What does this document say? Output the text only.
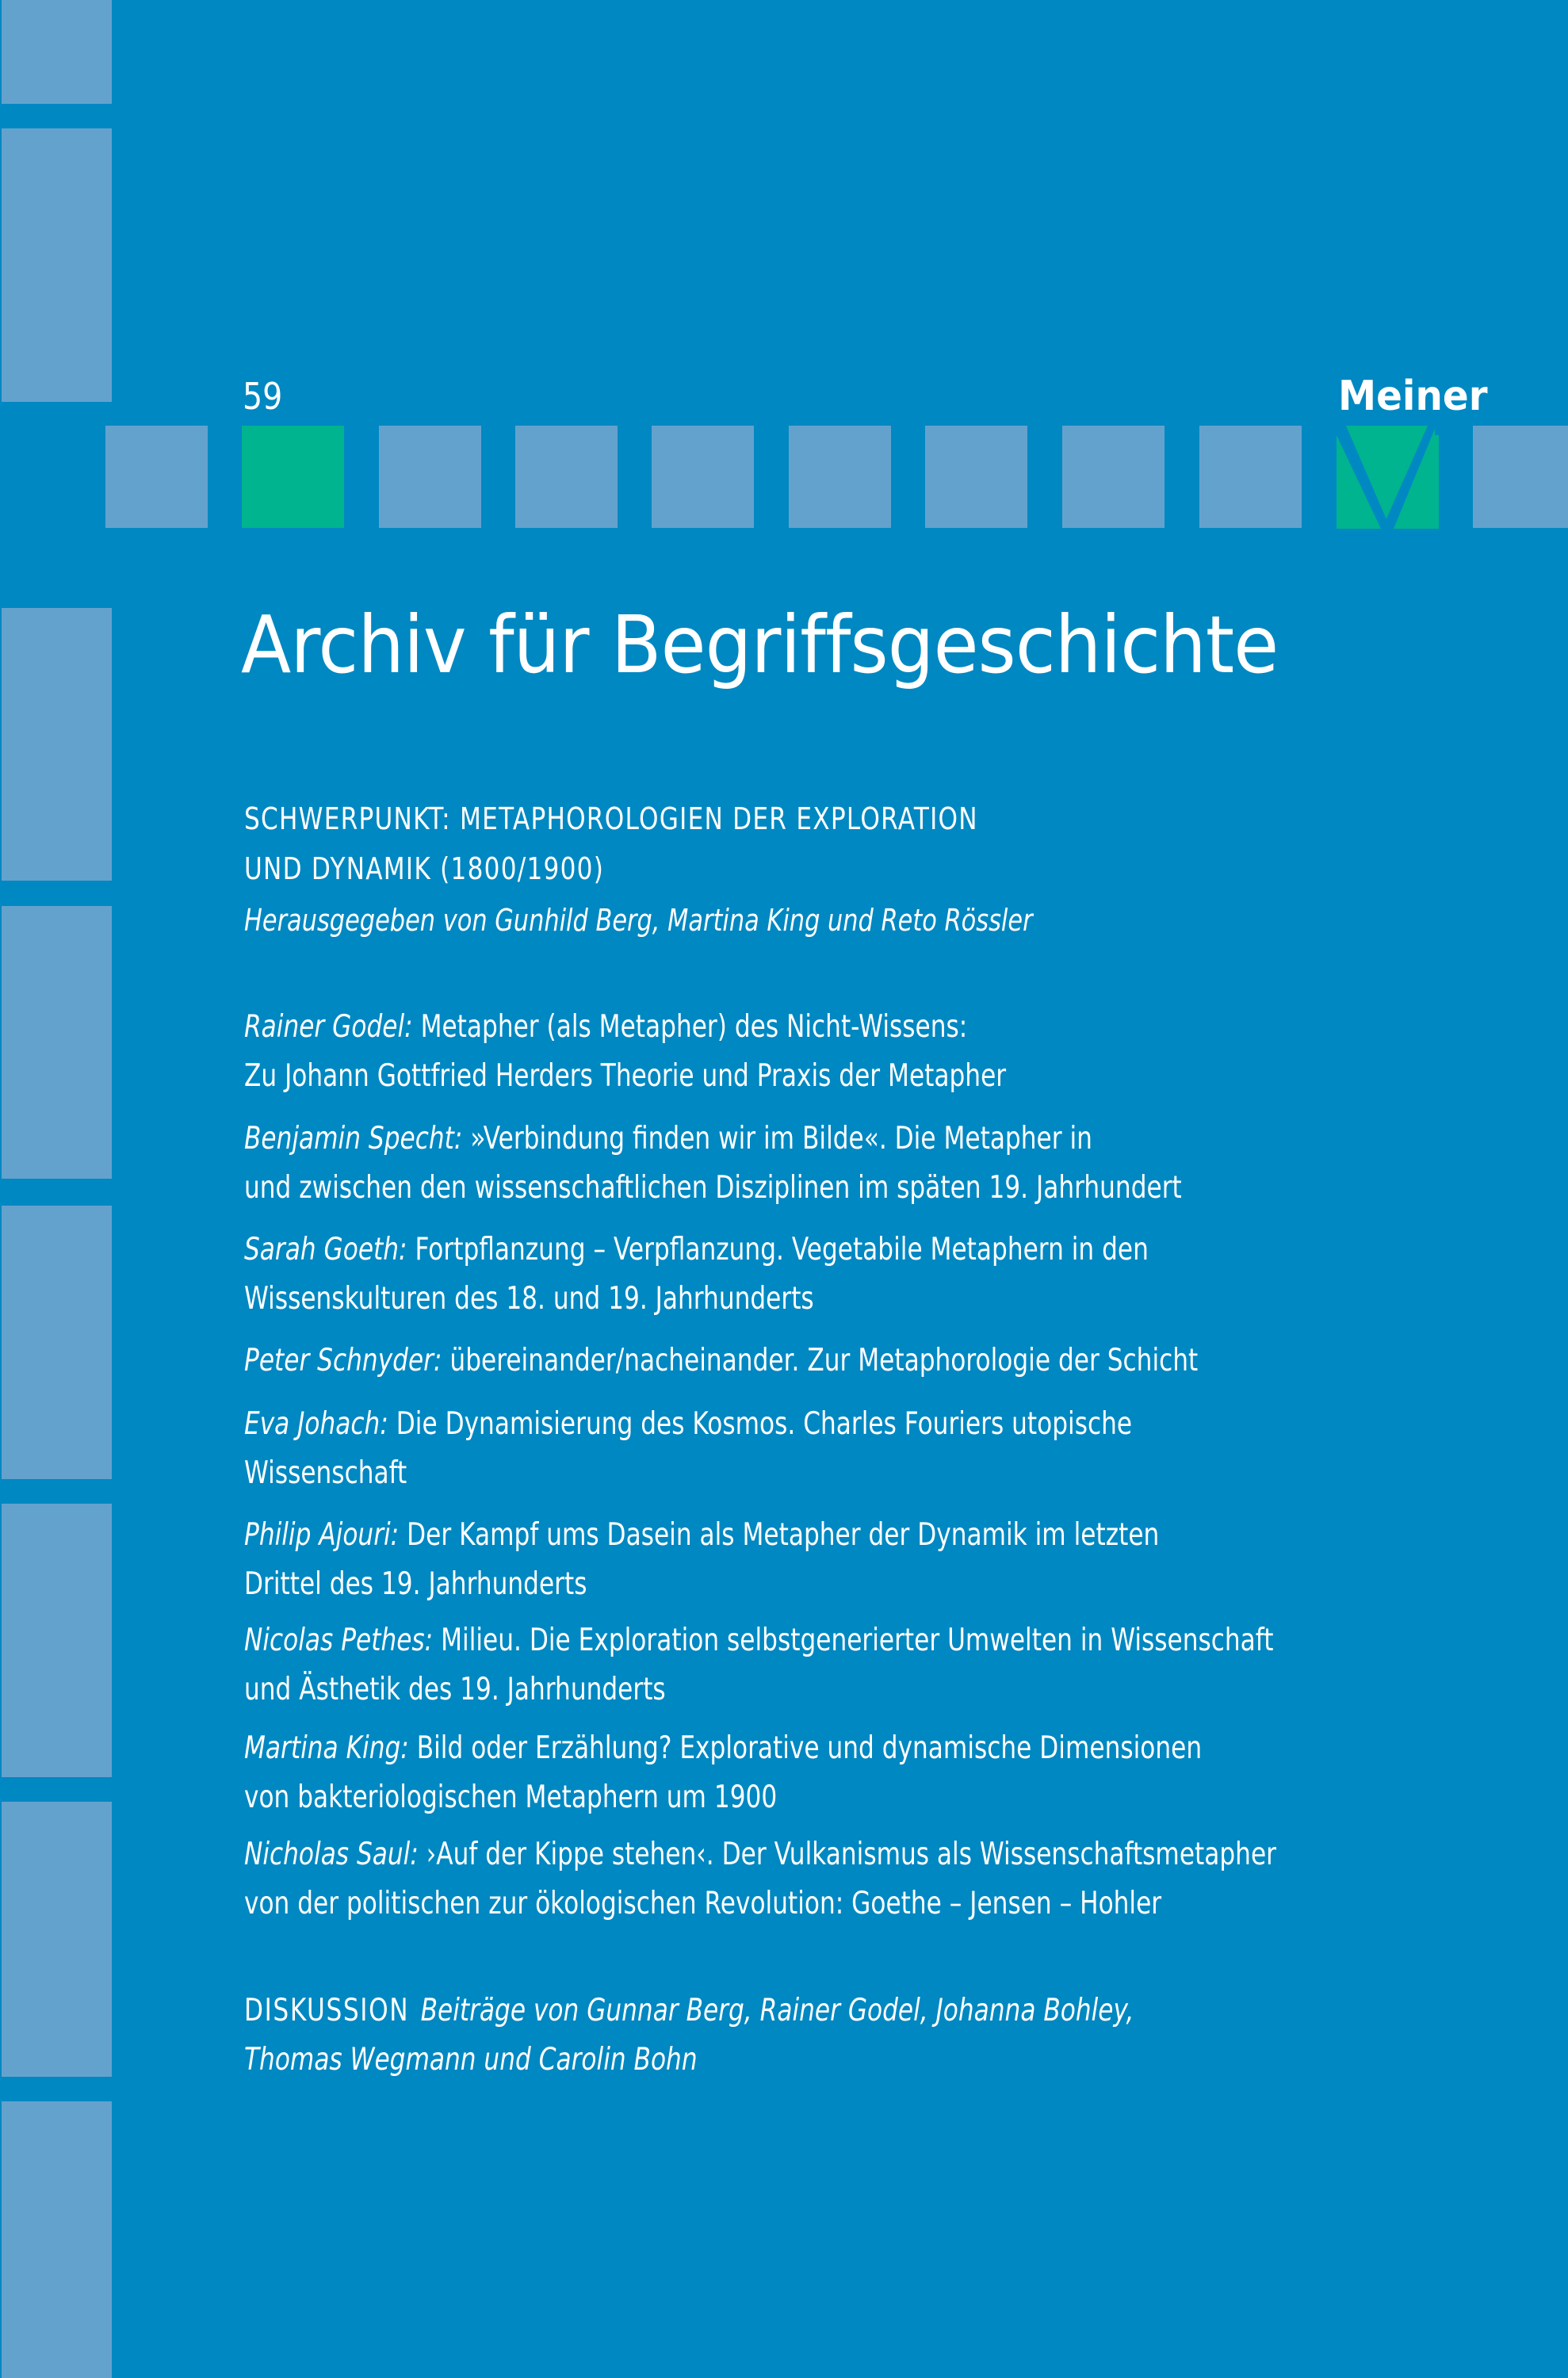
59	Meiner
Archiv für Begriffsgeschichte
SCHWERPUNKT: METAPHOROLOGIEN DER EXPLORATION
UND DYNAMIK (1800/1900)
Herausgegeben von Gunhild Berg, Martina King und Reto Rössler
Rainer Godel: Metapher (als Metapher) des Nicht-Wissens:
Zu Johann Gottfried Herders Theorie und Praxis der Metapher
Benjamin Specht: »Verbindung finden wir im Bilde«. Die Metapher in
und zwischen den wissenschaftlichen Disziplinen im späten 19. Jahrhundert
Sarah Goeth: Fortpflanzung – Verpflanzung. Vegetabile Metaphern in den
Wissenskulturen des 18. und 19. Jahrhunderts
Peter Schnyder: übereinander/nacheinander. Zur Metaphorologie der Schicht
Eva Johach: Die Dynamisierung des Kosmos. Charles Fouriers utopische
Wissenschaft
Philip Ajouri: Der Kampf ums Dasein als Metapher der Dynamik im letzten
Drittel des 19. Jahrhunderts
Nicolas Pethes: Milieu. Die Exploration selbstgenerierter Umwelten in Wissenschaft
und Ästhetik des 19. Jahrhunderts
Martina King: Bild oder Erzählung? Explorative und dynamische Dimensionen
von bakteriologischen Metaphern um 1900
Nicholas Saul: ›Auf der Kippe stehen‹. Der Vulkanismus als Wissenschaftsmetapher
von der politischen zur ökologischen Revolution: Goethe – Jensen – Hohler
DISKUSSION Beiträge von Gunnar Berg, Rainer Godel, Johanna Bohley,
Thomas Wegmann und Carolin Bohn
